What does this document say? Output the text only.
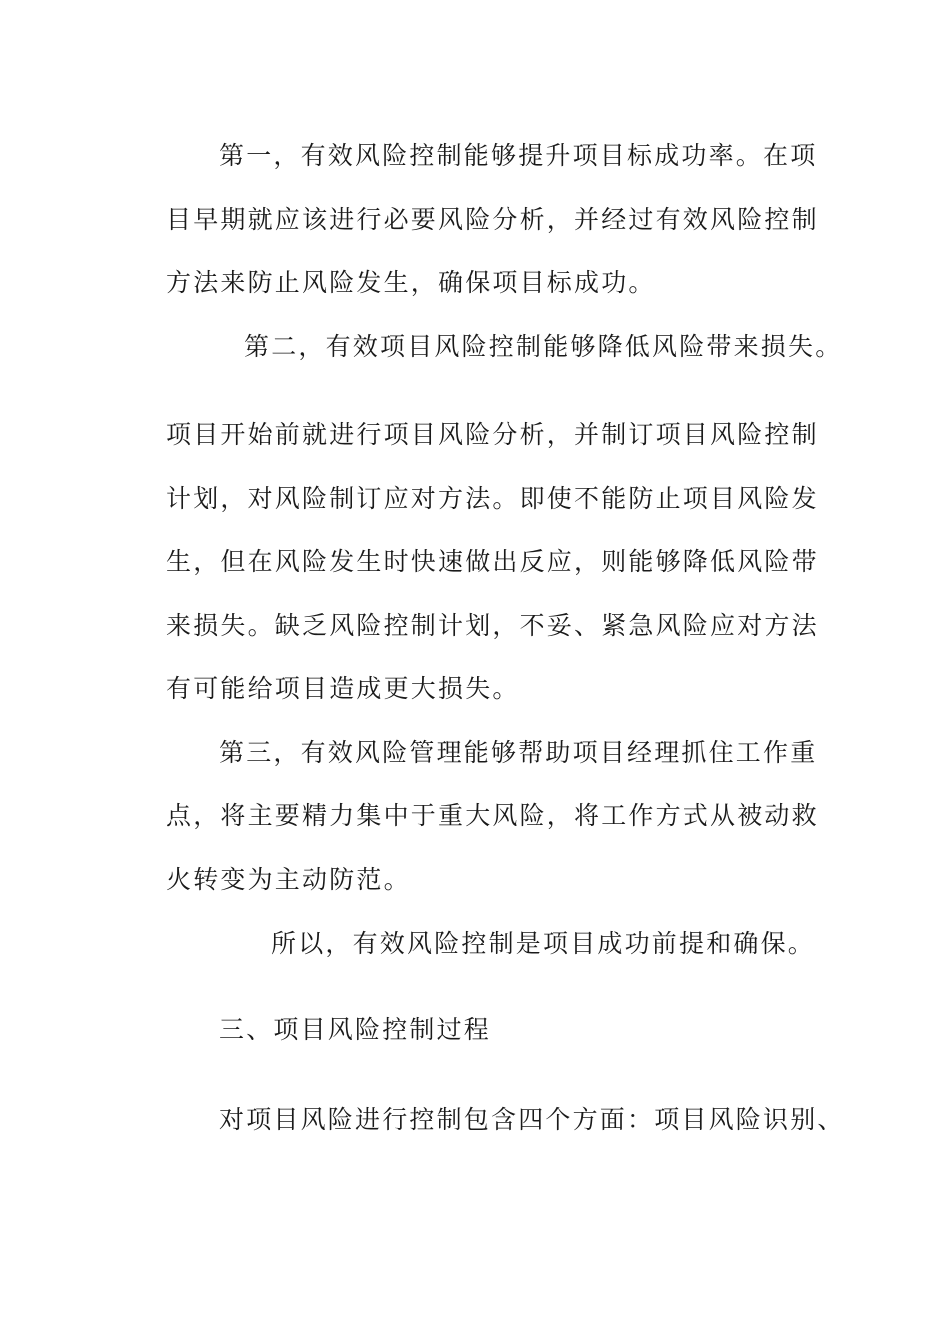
第一，有效风险控制能够提升项目标成功率。在项

目早期就应该进行必要风险分析，并经过有效风险控制

方法来防止风险发生，确保项目标成功。

第二，有效项目风险控制能够降低风险带来损失。

项目开始前就进行项目风险分析，并制订项目风险控制

计划，对风险制订应对方法。即使不能防止项目风险发

生，但在风险发生时快速做出反应，则能够降低风险带

来损失。缺乏风险控制计划，不妥、紧急风险应对方法

有可能给项目造成更大损失。

第三，有效风险管理能够帮助项目经理抓住工作重

点，将主要精力集中于重大风险，将工作方式从被动救

火转变为主动防范。

所以，有效风险控制是项目成功前提和确保。

三、项目风险控制过程

对项目风险进行控制包含四个方面：项目风险识别、
